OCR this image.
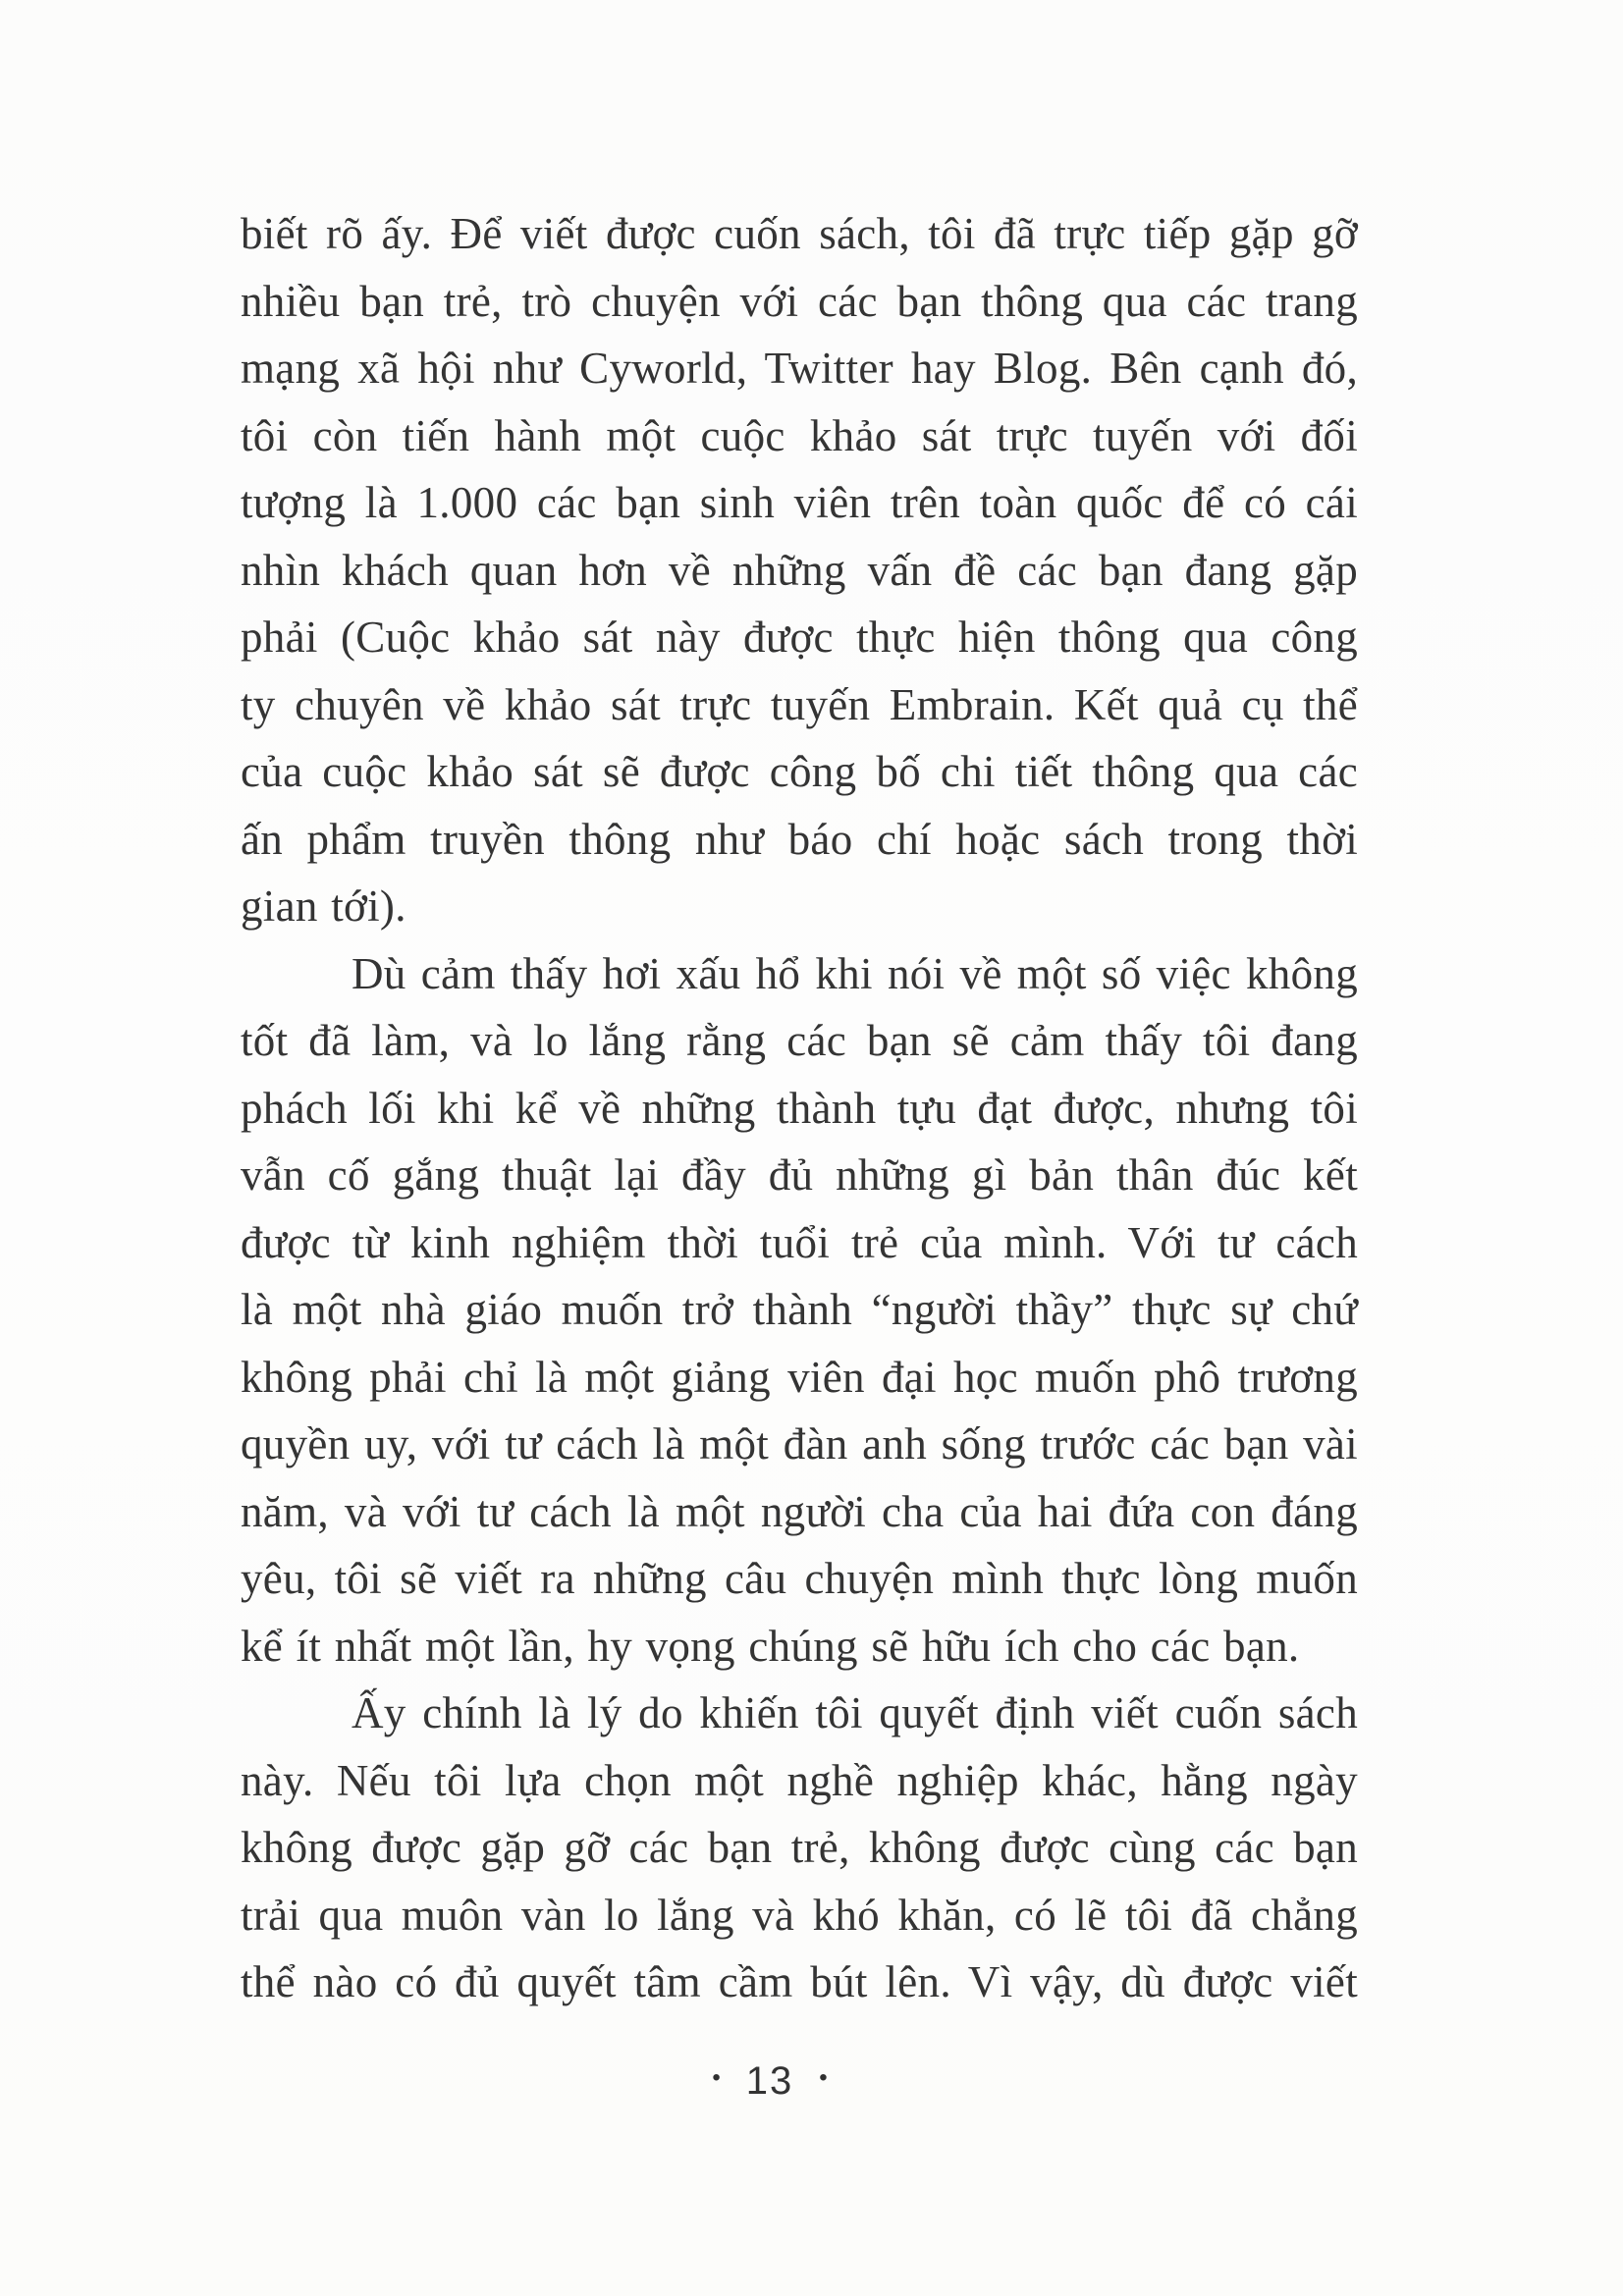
biết rõ ấy. Để viết được cuốn sách, tôi đã trực tiếp gặp gỡ
nhiều bạn trẻ, trò chuyện với các bạn thông qua các trang
mạng xã hội như Cyworld, Twitter hay Blog. Bên cạnh đó,
tôi còn tiến hành một cuộc khảo sát trực tuyến với đối
tượng là 1.000 các bạn sinh viên trên toàn quốc để có cái
nhìn khách quan hơn về những vấn đề các bạn đang gặp
phải (Cuộc khảo sát này được thực hiện thông qua công
ty chuyên về khảo sát trực tuyến Embrain. Kết quả cụ thể
của cuộc khảo sát sẽ được công bố chi tiết thông qua các
ấn phẩm truyền thông như báo chí hoặc sách trong thời
gian tới).
Dù cảm thấy hơi xấu hổ khi nói về một số việc không
tốt đã làm, và lo lắng rằng các bạn sẽ cảm thấy tôi đang
phách lối khi kể về những thành tựu đạt được, nhưng tôi
vẫn cố gắng thuật lại đầy đủ những gì bản thân đúc kết
được từ kinh nghiệm thời tuổi trẻ của mình. Với tư cách
là một nhà giáo muốn trở thành “người thầy” thực sự chứ
không phải chỉ là một giảng viên đại học muốn phô trương
quyền uy, với tư cách là một đàn anh sống trước các bạn vài
năm, và với tư cách là một người cha của hai đứa con đáng
yêu, tôi sẽ viết ra những câu chuyện mình thực lòng muốn
kể ít nhất một lần, hy vọng chúng sẽ hữu ích cho các bạn.
Ấy chính là lý do khiến tôi quyết định viết cuốn sách
này. Nếu tôi lựa chọn một nghề nghiệp khác, hằng ngày
không được gặp gỡ các bạn trẻ, không được cùng các bạn
trải qua muôn vàn lo lắng và khó khăn, có lẽ tôi đã chẳng
thể nào có đủ quyết tâm cầm bút lên. Vì vậy, dù được viết
• 13 •
